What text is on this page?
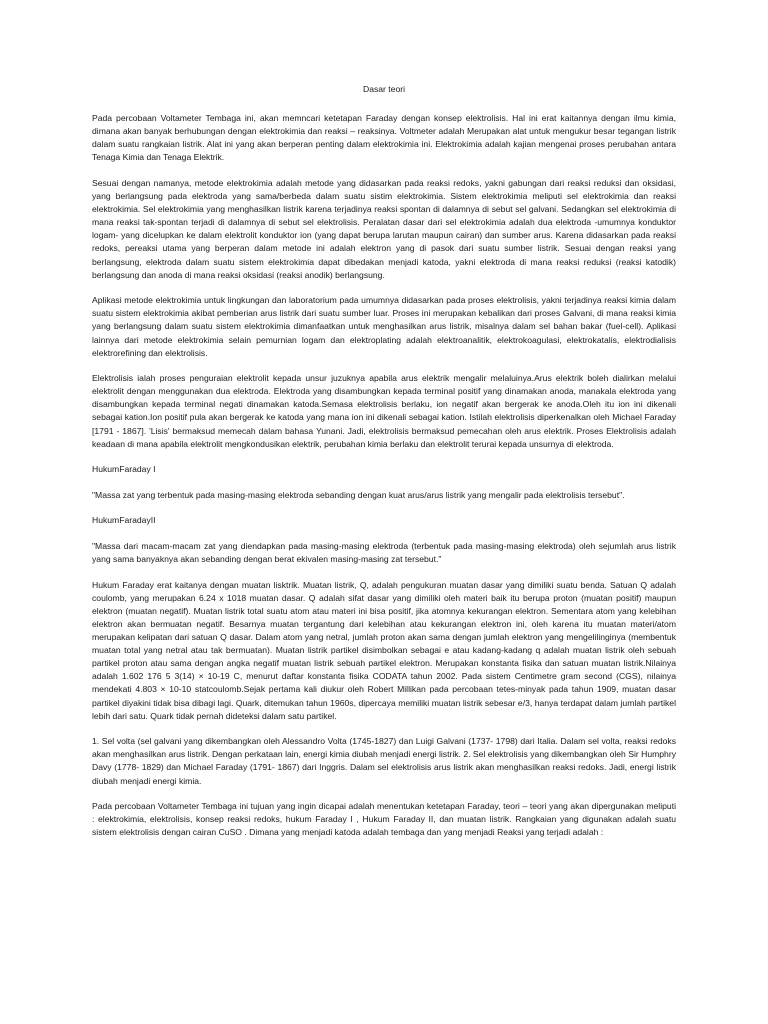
Dasar teori

Pada percobaan Voltameter Tembaga ini, akan memncari ketetapan Faraday dengan konsep elektrolisis. Hal ini erat kaitannya dengan ilmu kimia, dimana akan banyak berhubungan dengan elektrokimia dan reaksi – reaksinya. Voltmeter adalah Merupakan alat untuk mengukur besar tegangan listrik dalam suatu rangkaian listrik. Alat ini yang akan berperan penting dalam elektrokimia ini. Elektrokimia adalah kajian mengenai proses perubahan antara Tenaga Kimia dan Tenaga Elektrik.

Sesuai dengan namanya, metode elektrokimia adalah metode yang didasarkan pada reaksi redoks, yakni gabungan dari reaksi reduksi dan oksidasi, yang berlangsung pada elektroda yang sama/berbeda dalam suatu sistim elektrokimia. Sistem elektrokimia meliputi sel elektrokimia dan reaksi elektrokimia. Sel elektrokimia yang menghasilkan listrik karena terjadinya reaksi spontan di dalamnya di sebut sel galvani. Sedangkan sel elektrokimia di mana reaksi tak-spontan terjadi di dalamnya di sebut sel elektrolisis. Peralatan dasar dari sel elektrokimia adalah dua elektroda -umumnya konduktor logam- yang dicelupkan ke dalam elektrolit konduktor ion (yang dapat berupa larutan maupun cairan) dan sumber arus. Karena didasarkan pada reaksi redoks, pereaksi utama yang berperan dalam metode ini adalah elektron yang di pasok dari suatu sumber listrik. Sesuai dengan reaksi yang berlangsung, elektroda dalam suatu sistem elektrokimia dapat dibedakan menjadi katoda, yakni elektroda di mana reaksi reduksi (reaksi katodik) berlangsung dan anoda di mana reaksi oksidasi (reaksi anodik) berlangsung.

Aplikasi metode elektrokimia untuk lingkungan dan laboratorium pada umumnya didasarkan pada proses elektrolisis, yakni terjadinya reaksi kimia dalam suatu sistem elektrokimia akibat pemberian arus listrik dari suatu sumber luar. Proses ini merupakan kebalikan dari proses Galvani, di mana reaksi kimia yang berlangsung dalam suatu sistem elektrokimia dimanfaatkan untuk menghasilkan arus listrik, misalnya dalam sel bahan bakar (fuel-cell). Aplikasi lainnya dari metode elektrokimia selain pemurnian logam dan elektroplating adalah elektroanalitik, elektrokoagulasi, elektrokatalis, elektrodialisis elektrorefining dan elektrolisis.

Elektrolisis ialah proses penguraian elektrolit kepada unsur juzuknya apabila arus elektrik mengalir melaluinya.Arus elektrik boleh dialirkan melalui elektrolit dengan menggunakan dua elektroda. Elektroda yang disambungkan kepada terminal positif yang dinamakan anoda, manakala elektroda yang disambungkan kepada terminal negati dinamakan katoda.Semasa elektrolisis berlaku, ion negatif akan bergerak ke anoda.Oleh itu ion ini dikenali sebagai kation.Ion positif pula akan bergerak ke katoda yang mana ion ini dikenali sebagai kation. Istilah elektrolisis diperkenalkan oleh Michael Faraday [1791 - 1867]. 'Lisis' bermaksud memecah dalam bahasa Yunani. Jadi, elektrolisis bermaksud pemecahan oleh arus elektrik. Proses Elektrolisis adalah keadaan di mana apabila elektrolit mengkondusikan elektrik, perubahan kimia berlaku dan elektrolit terurai kepada unsurnya di elektroda.

HukumFaraday I

"Massa zat yang terbentuk pada masing-masing elektroda sebanding dengan kuat arus/arus listrik yang mengalir pada elektrolisis tersebut".

HukumFaradayII

"Massa dari macam-macam zat yang diendapkan pada masing-masing elektroda (terbentuk pada masing-masing elektroda) oleh sejumlah arus listrik yang sama banyaknya akan sebanding dengan berat ekivalen masing-masing zat tersebut."

Hukum Faraday erat kaitanya dengan muatan lisktrik. Muatan listrik, Q, adalah pengukuran muatan dasar yang dimiliki suatu benda. Satuan Q adalah coulomb, yang merupakan 6.24 x 1018 muatan dasar. Q adalah sifat dasar yang dimiliki oleh materi baik itu berupa proton (muatan positif) maupun elektron (muatan negatif). Muatan listrik total suatu atom atau materi ini bisa positif, jika atomnya kekurangan elektron. Sementara atom yang kelebihan elektron akan bermuatan negatif. Besarnya muatan tergantung dari kelebihan atau kekurangan elektron ini, oleh karena itu muatan materi/atom merupakan kelipatan dari satuan Q dasar. Dalam atom yang netral, jumlah proton akan sama dengan jumlah elektron yang mengelilinginya (membentuk muatan total yang netral atau tak bermuatan). Muatan listrik partikel disimbolkan sebagai e atau kadang-kadang q adalah muatan listrik oleh sebuah partikel proton atau sama dengan angka negatif muatan listrik sebuah partikel elektron. Merupakan konstanta fisika dan satuan muatan listrik.Nilainya adalah 1.602 176 5 3(14) × 10-19 C, menurut daftar konstanta fisika CODATA tahun 2002. Pada sistem Centimetre gram second (CGS), nilainya mendekati 4.803 × 10-10 statcoulomb.Sejak pertama kali diukur oleh Robert Millikan pada percobaan tetes-minyak pada tahun 1909, muatan dasar partikel diyakini tidak bisa dibagi lagi. Quark, ditemukan tahun 1960s, dipercaya memiliki muatan listrik sebesar e/3, hanya terdapat dalam jumlah partikel lebih dari satu. Quark tidak pernah dideteksi dalam satu partikel.

1. Sel volta (sel galvani yang dikembangkan oleh Alessandro Volta (1745-1827) dan Luigi Galvani (1737- 1798) dari Italia. Dalam sel volta, reaksi redoks akan menghasilkan arus listrik. Dengan perkataan lain, energi kimia diubah menjadi energi listrik. 2. Sel elektrolisis yang dikembangkan oleh Sir Humphry Davy (1778- 1829) dan Michael Faraday (1791- 1867) dari Inggris. Dalam sel elektrolisis arus listrik akan menghasilkan reaksi redoks. Jadi, energi listrik diubah menjadi energi kimia.

Pada percobaan Voltameter Tembaga ini tujuan yang ingin dicapai adalah menentukan ketetapan Faraday, teori – teori yang akan dipergunakan meliputi : elektrokimia, elektrolisis, konsep reaksi redoks, hukum Faraday I , Hukum Faraday II, dan muatan listrik. Rangkaian yang digunakan adalah suatu sistem elektrolisis dengan cairan CuSO . Dimana yang menjadi katoda adalah tembaga dan yang menjadi Reaksi yang terjadi adalah :
